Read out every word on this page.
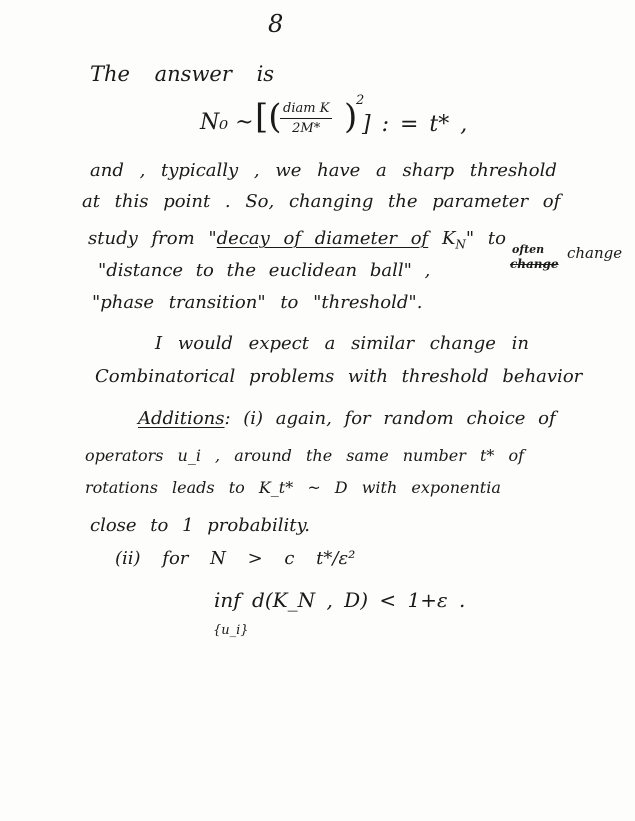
8
The answer is
N₀ ~ [( diam K
2M* )
2
] : = t* ,
and , typically , we have a sharp threshold
at this point . So, changing the parameter of
study from "decay of diameter of $K_N$" to
"distance to the euclidean ball" ,
often
change
change
"phase transition" to "threshold".
I would expect a similar change in
Combinatorical problems with threshold behavior
Additions: (i) again, for random choice of
operators u_i , around the same number t* of
rotations leads to K_t* ~ D with exponentia
close to 1 probability.
(ii) for N > c t*/ε²
inf d(K_N , D) < 1+ε .
{u_i}
